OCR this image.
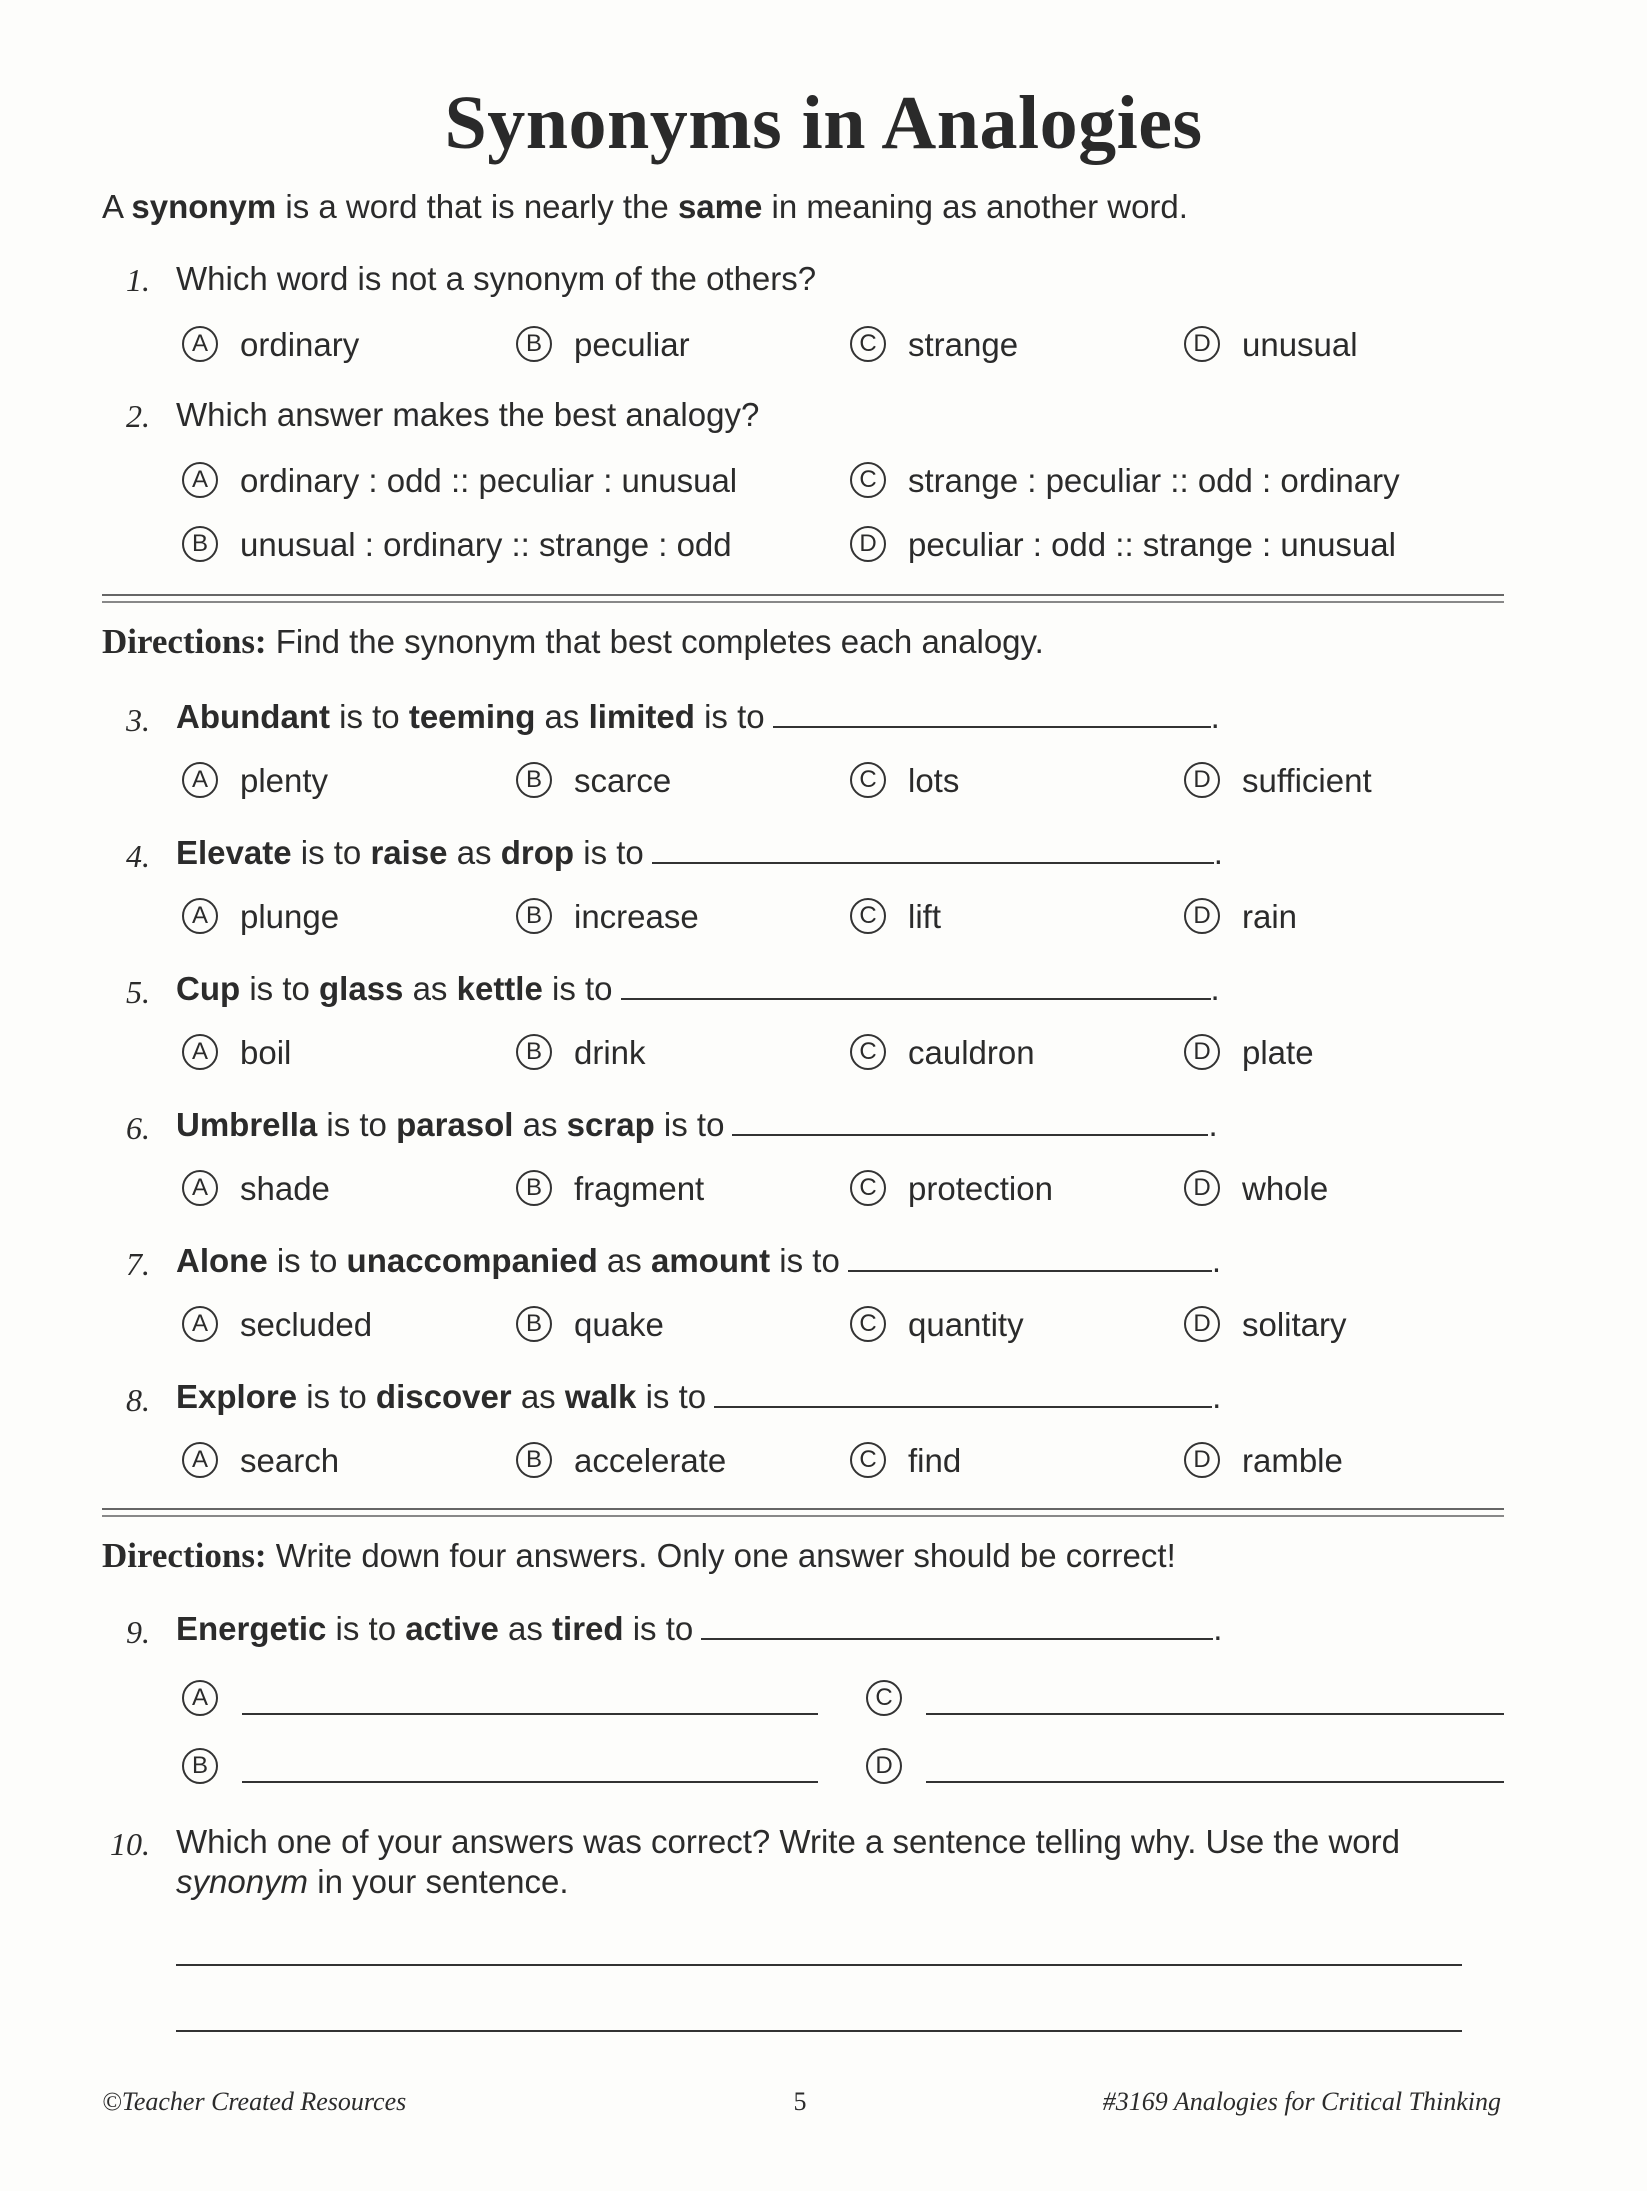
Synonyms in Analogies
A synonym is a word that is nearly the same in meaning as another word.
1. Which word is not a synonym of the others?
A ordinary	B peculiar	C strange	D unusual
2. Which answer makes the best analogy?
A ordinary : odd :: peculiar : unusual	C strange : peculiar :: odd : ordinary
B unusual : ordinary :: strange : odd	D peculiar : odd :: strange : unusual
Directions: Find the synonym that best completes each analogy.
3. Abundant is to teeming as limited is to	.
A plenty	B scarce	C lots	D sufficient
4. Elevate is to raise as drop is to	.
A plunge	B increase	C lift	D rain
5. Cup is to glass as kettle is to	.
A boil	B drink	C cauldron	D plate
6. Umbrella is to parasol as scrap is to	.
A shade	B fragment	C protection	D whole
7. Alone is to unaccompanied as amount is to	.
A secluded	B quake	C quantity	D solitary
8. Explore is to discover as walk is to	.
A search	B accelerate	C find	D ramble
Directions: Write down four answers. Only one answer should be correct!
9. Energetic is to active as tired is to	.
A	C
B	D
10. Which one of your answers was correct? Write a sentence telling why. Use the word
synonym in your sentence.
©Teacher Created Resources	5	#3169 Analogies for Critical Thinking
